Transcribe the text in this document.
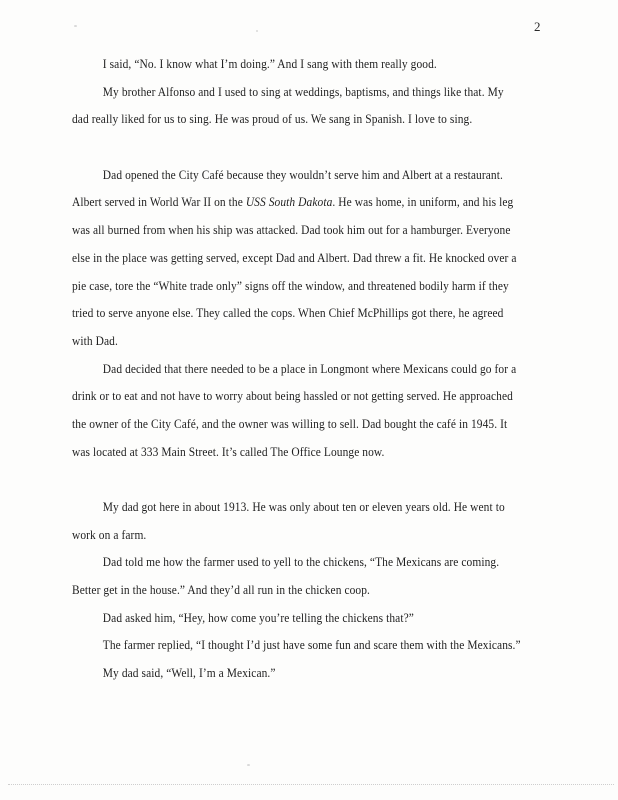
2
I said, “No. I know what I’m doing.” And I sang with them really good.
My brother Alfonso and I used to sing at weddings, baptisms, and things like that. My
dad really liked for us to sing. He was proud of us. We sang in Spanish. I love to sing.
Dad opened the City Café because they wouldn’t serve him and Albert at a restaurant.
Albert served in World War II on the USS South Dakota. He was home, in uniform, and his leg
was all burned from when his ship was attacked. Dad took him out for a hamburger. Everyone
else in the place was getting served, except Dad and Albert. Dad threw a fit. He knocked over a
pie case, tore the “White trade only” signs off the window, and threatened bodily harm if they
tried to serve anyone else. They called the cops. When Chief McPhillips got there, he agreed
with Dad.
Dad decided that there needed to be a place in Longmont where Mexicans could go for a
drink or to eat and not have to worry about being hassled or not getting served. He approached
the owner of the City Café, and the owner was willing to sell. Dad bought the café in 1945. It
was located at 333 Main Street. It’s called The Office Lounge now.
My dad got here in about 1913. He was only about ten or eleven years old. He went to
work on a farm.
Dad told me how the farmer used to yell to the chickens, “The Mexicans are coming.
Better get in the house.” And they’d all run in the chicken coop.
Dad asked him, “Hey, how come you’re telling the chickens that?”
The farmer replied, “I thought I’d just have some fun and scare them with the Mexicans.”
My dad said, “Well, I’m a Mexican.”
